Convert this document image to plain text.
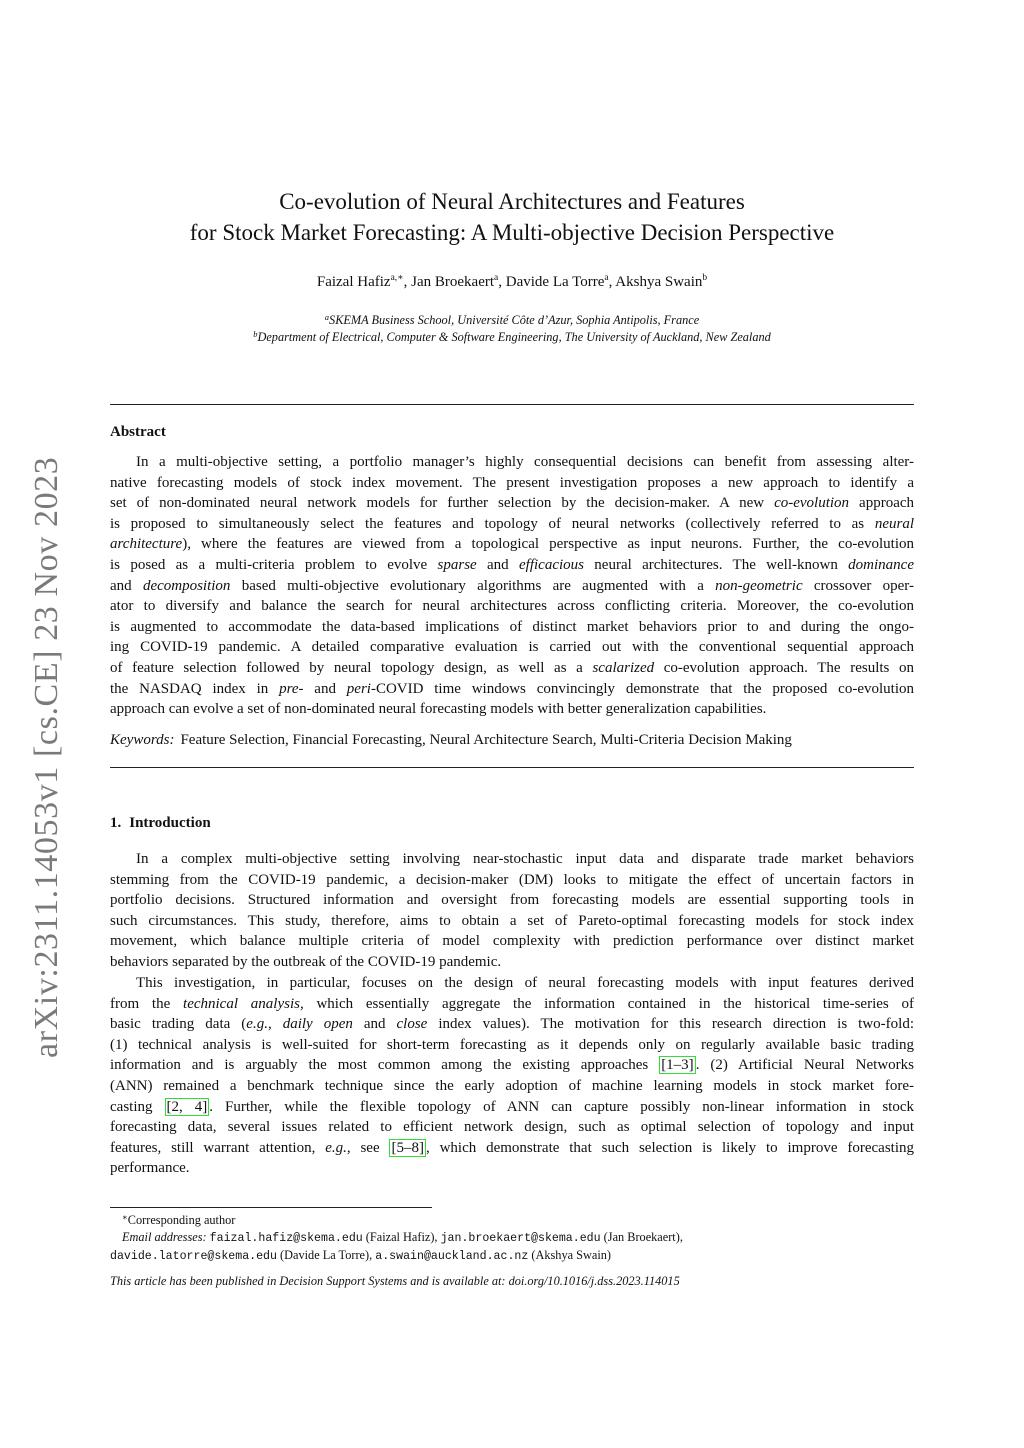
arXiv:2311.14053v1 [cs.CE] 23 Nov 2023
Co-evolution of Neural Architectures and Features
for Stock Market Forecasting: A Multi-objective Decision Perspective
Faizal Hafiz$^{a,∗}$, Jan Broekaert$^a$, Davide La Torre$^a$, Akshya Swain$^b$
$^a$SKEMA Business School, Université Côte d’Azur, Sophia Antipolis, France
$^b$Department of Electrical, Computer & Software Engineering, The University of Auckland, New Zealand
Abstract
In a multi-objective setting, a portfolio manager’s highly consequential decisions can benefit from assessing alter-
native forecasting models of stock index movement. The present investigation proposes a new approach to identify a
set of non-dominated neural network models for further selection by the decision-maker. A new co-evolution approach
is proposed to simultaneously select the features and topology of neural networks (collectively referred to as neural
architecture), where the features are viewed from a topological perspective as input neurons. Further, the co-evolution
is posed as a multi-criteria problem to evolve sparse and efficacious neural architectures. The well-known dominance
and decomposition based multi-objective evolutionary algorithms are augmented with a non-geometric crossover oper-
ator to diversify and balance the search for neural architectures across conflicting criteria. Moreover, the co-evolution
is augmented to accommodate the data-based implications of distinct market behaviors prior to and during the ongo-
ing COVID-19 pandemic. A detailed comparative evaluation is carried out with the conventional sequential approach
of feature selection followed by neural topology design, as well as a scalarized co-evolution approach. The results on
the NASDAQ index in pre- and peri-COVID time windows convincingly demonstrate that the proposed co-evolution
approach can evolve a set of non-dominated neural forecasting models with better generalization capabilities.
Keywords: Feature Selection, Financial Forecasting, Neural Architecture Search, Multi-Criteria Decision Making
1. Introduction
In a complex multi-objective setting involving near-stochastic input data and disparate trade market behaviors
stemming from the COVID-19 pandemic, a decision-maker (DM) looks to mitigate the effect of uncertain factors in
portfolio decisions. Structured information and oversight from forecasting models are essential supporting tools in
such circumstances. This study, therefore, aims to obtain a set of Pareto-optimal forecasting models for stock index
movement, which balance multiple criteria of model complexity with prediction performance over distinct market
behaviors separated by the outbreak of the COVID-19 pandemic.
This investigation, in particular, focuses on the design of neural forecasting models with input features derived
from the technical analysis, which essentially aggregate the information contained in the historical time-series of
basic trading data (e.g., daily open and close index values). The motivation for this research direction is two-fold:
(1) technical analysis is well-suited for short-term forecasting as it depends only on regularly available basic trading
information and is arguably the most common among the existing approaches [1–3] . (2) Artificial Neural Networks
(ANN) remained a benchmark technique since the early adoption of machine learning models in stock market fore-
casting [2, 4] . Further, while the flexible topology of ANN can capture possibly non-linear information in stock
forecasting data, several issues related to efficient network design, such as optimal selection of topology and input
features, still warrant attention, e.g., see [5–8] , which demonstrate that such selection is likely to improve forecasting
performance.
∗Corresponding author
Email addresses: faizal.hafiz@skema.edu (Faizal Hafiz), jan.broekaert@skema.edu (Jan Broekaert),
davide.latorre@skema.edu (Davide La Torre), a.swain@auckland.ac.nz (Akshya Swain)
This article has been published in Decision Support Systems and is available at: doi.org/10.1016/j.dss.2023.114015
